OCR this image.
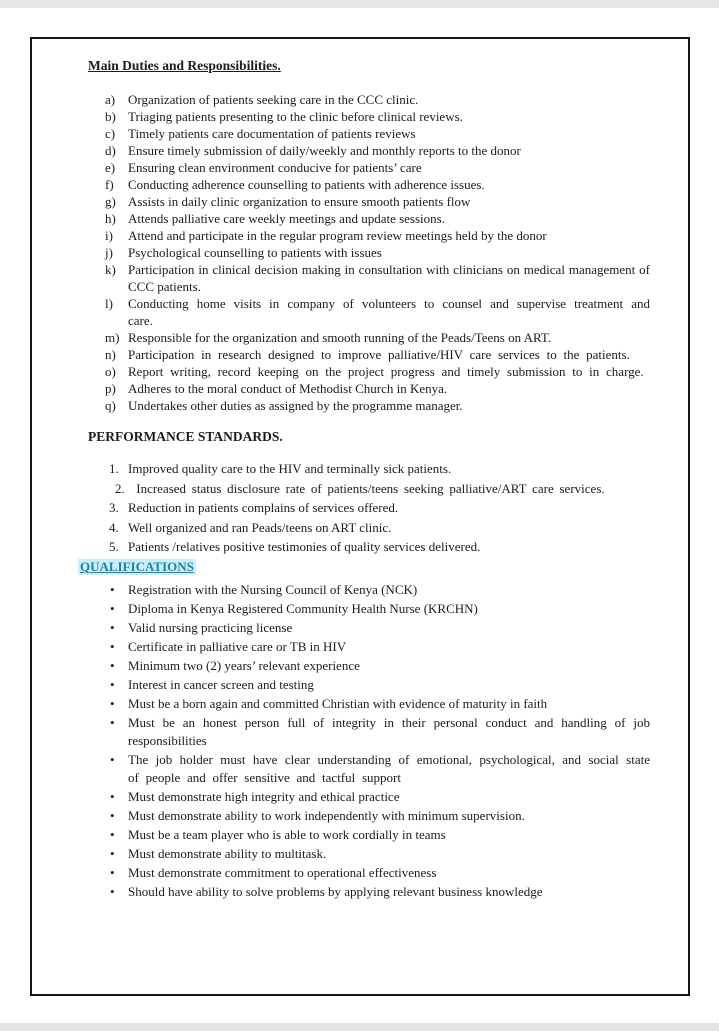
Main Duties and Responsibilities.
a) Organization of patients seeking care in the CCC clinic.
b) Triaging patients presenting to the clinic before clinical reviews.
c) Timely patients care documentation of patients reviews
d) Ensure timely submission of daily/weekly and monthly reports to the donor
e) Ensuring clean environment conducive for patients’ care
f) Conducting adherence counselling to patients with adherence issues.
g) Assists in daily clinic organization to ensure smooth patients flow
h) Attends palliative care weekly meetings and update sessions.
i) Attend and participate in the regular program review meetings held by the donor
j) Psychological counselling to patients with issues
k) Participation in clinical decision making in consultation with clinicians on medical management of CCC patients.
l) Conducting home visits in company of volunteers to counsel and supervise treatment and care.
m) Responsible for the organization and smooth running of the Peads/Teens on ART.
n) Participation in research designed to improve palliative/HIV care services to the patients.
o) Report writing, record keeping on the project progress and timely submission to in charge.
p) Adheres to the moral conduct of Methodist Church in Kenya.
q) Undertakes other duties as assigned by the programme manager.
PERFORMANCE STANDARDS.
1. Improved quality care to the HIV and terminally sick patients.
2. Increased status disclosure rate of patients/teens seeking palliative/ART care services.
3. Reduction in patients complains of services offered.
4. Well organized and ran Peads/teens on ART clinic.
5. Patients /relatives positive testimonies of quality services delivered.
QUALIFICATIONS
•Registration with the Nursing Council of Kenya (NCK)
•Diploma in Kenya Registered Community Health Nurse (KRCHN)
•Valid nursing practicing license
•Certificate in palliative care or TB in HIV
•Minimum two (2) years’ relevant experience
•Interest in cancer screen and testing
•Must be a born again and committed Christian with evidence of maturity in faith
•Must be an honest person full of integrity in their personal conduct and handling of job responsibilities
•The job holder must have clear understanding of emotional, psychological, and social state of people and offer sensitive and tactful support
•Must demonstrate high integrity and ethical practice
•Must demonstrate ability to work independently with minimum supervision.
•Must be a team player who is able to work cordially in teams
•Must demonstrate ability to multitask.
•Must demonstrate commitment to operational effectiveness
•Should have ability to solve problems by applying relevant business knowledge
